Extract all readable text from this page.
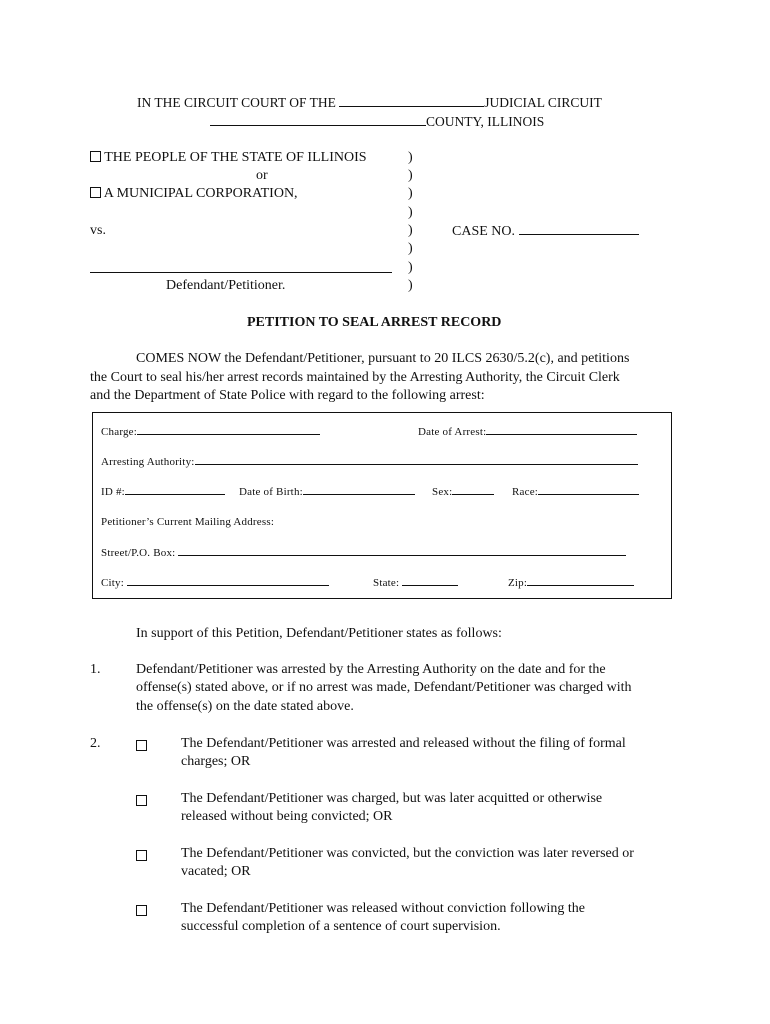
IN THE CIRCUIT COURT OF THE	JUDICIAL CIRCUIT
COUNTY, ILLINOIS
THE PEOPLE OF THE STATE OF ILLINOIS
or
A MUNICIPAL CORPORATION,
vs.
Defendant/Petitioner.
)
)
)
)
)
)
)
)
CASE NO.
PETITION TO SEAL ARREST RECORD
COMES NOW the Defendant/Petitioner, pursuant to 20 ILCS 2630/5.2(c), and petitions
the Court to seal his/her arrest records maintained by the Arresting Authority, the Circuit Clerk
and the Department of State Police with regard to the following arrest:
Charge:	Date of Arrest:
Arresting Authority:
ID #:	Date of Birth:	Sex:	Race:
Petitioner’s Current Mailing Address:
Street/P.O. Box:
City:	State:	Zip:
In support of this Petition, Defendant/Petitioner states as follows:
1.	Defendant/Petitioner was arrested by the Arresting Authority on the date and for the
offense(s) stated above, or if no arrest was made, Defendant/Petitioner was charged with
the offense(s) on the date stated above.
2.	The Defendant/Petitioner was arrested and released without the filing of formal
charges; OR
The Defendant/Petitioner was charged, but was later acquitted or otherwise
released without being convicted; OR
The Defendant/Petitioner was convicted, but the conviction was later reversed or
vacated; OR
The Defendant/Petitioner was released without conviction following the
successful completion of a sentence of court supervision.
